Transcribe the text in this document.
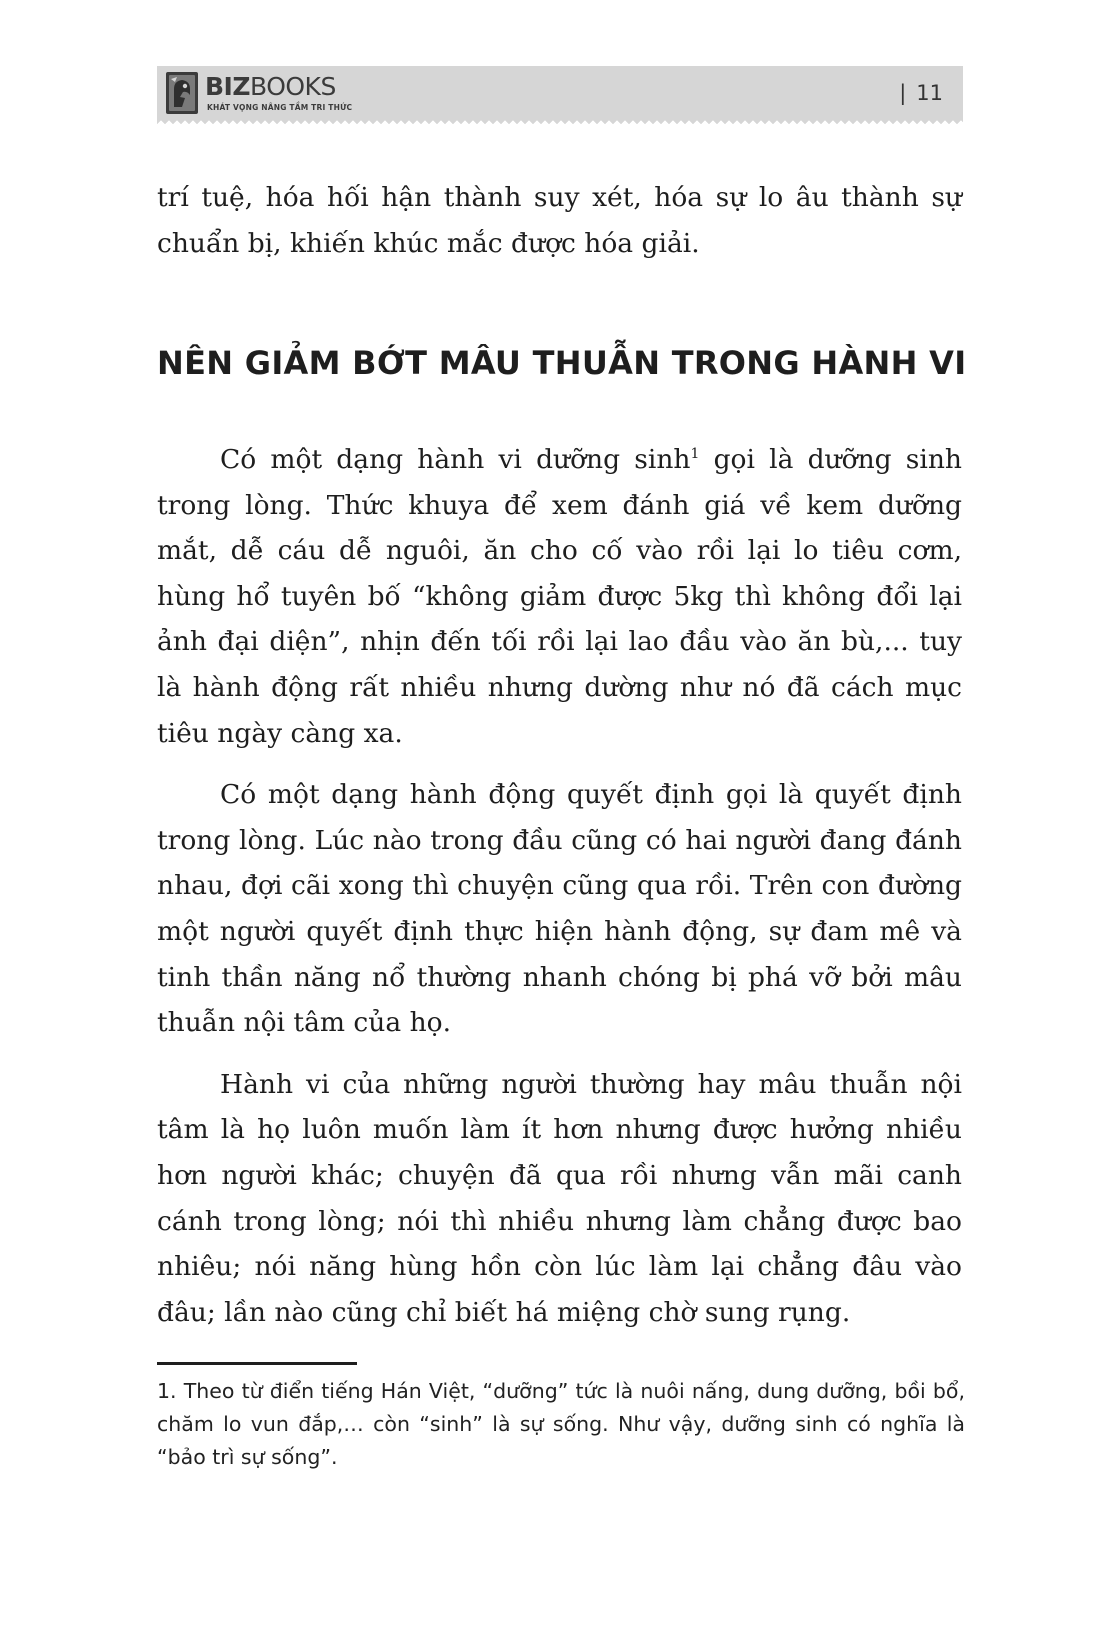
BIZBOOKS
KHÁT VỌNG NÂNG TẦM TRI THỨC
| 11

trí tuệ, hóa hối hận thành suy xét, hóa sự lo âu thành sự chuẩn bị, khiến khúc mắc được hóa giải.

NÊN GIẢM BỚT MÂU THUẪN TRONG HÀNH VI

Có một dạng hành vi dưỡng $\sinh^1$ gọi là dưỡng sinh trong lòng. Thức khuya để xem đánh giá về kem dưỡng mắt, dễ cáu dễ nguôi, ăn cho cố vào rồi lại lo tiêu cơm, hùng hổ tuyên bố “không giảm được 5kg thì không đổi lại ảnh đại diện”, nhịn đến tối rồi lại lao đầu vào ăn bù,... tuy là hành động rất nhiều nhưng dường như nó đã cách mục tiêu ngày càng xa.

Có một dạng hành động quyết định gọi là quyết định trong lòng. Lúc nào trong đầu cũng có hai người đang đánh nhau, đợi cãi xong thì chuyện cũng qua rồi. Trên con đường một người quyết định thực hiện hành động, sự đam mê và tinh thần năng nổ thường nhanh chóng bị phá vỡ bởi mâu thuẫn nội tâm của họ.

Hành vi của những người thường hay mâu thuẫn nội tâm là họ luôn muốn làm ít hơn nhưng được hưởng nhiều hơn người khác; chuyện đã qua rồi nhưng vẫn mãi canh cánh trong lòng; nói thì nhiều nhưng làm chẳng được bao nhiêu; nói năng hùng hồn còn lúc làm lại chẳng đâu vào đâu; lần nào cũng chỉ biết há miệng chờ sung rụng.

1. Theo từ điển tiếng Hán Việt, “dưỡng” tức là nuôi nấng, dung dưỡng, bồi bổ, chăm lo vun đắp,… còn “sinh” là sự sống. Như vậy, dưỡng sinh có nghĩa là “bảo trì sự sống”.
